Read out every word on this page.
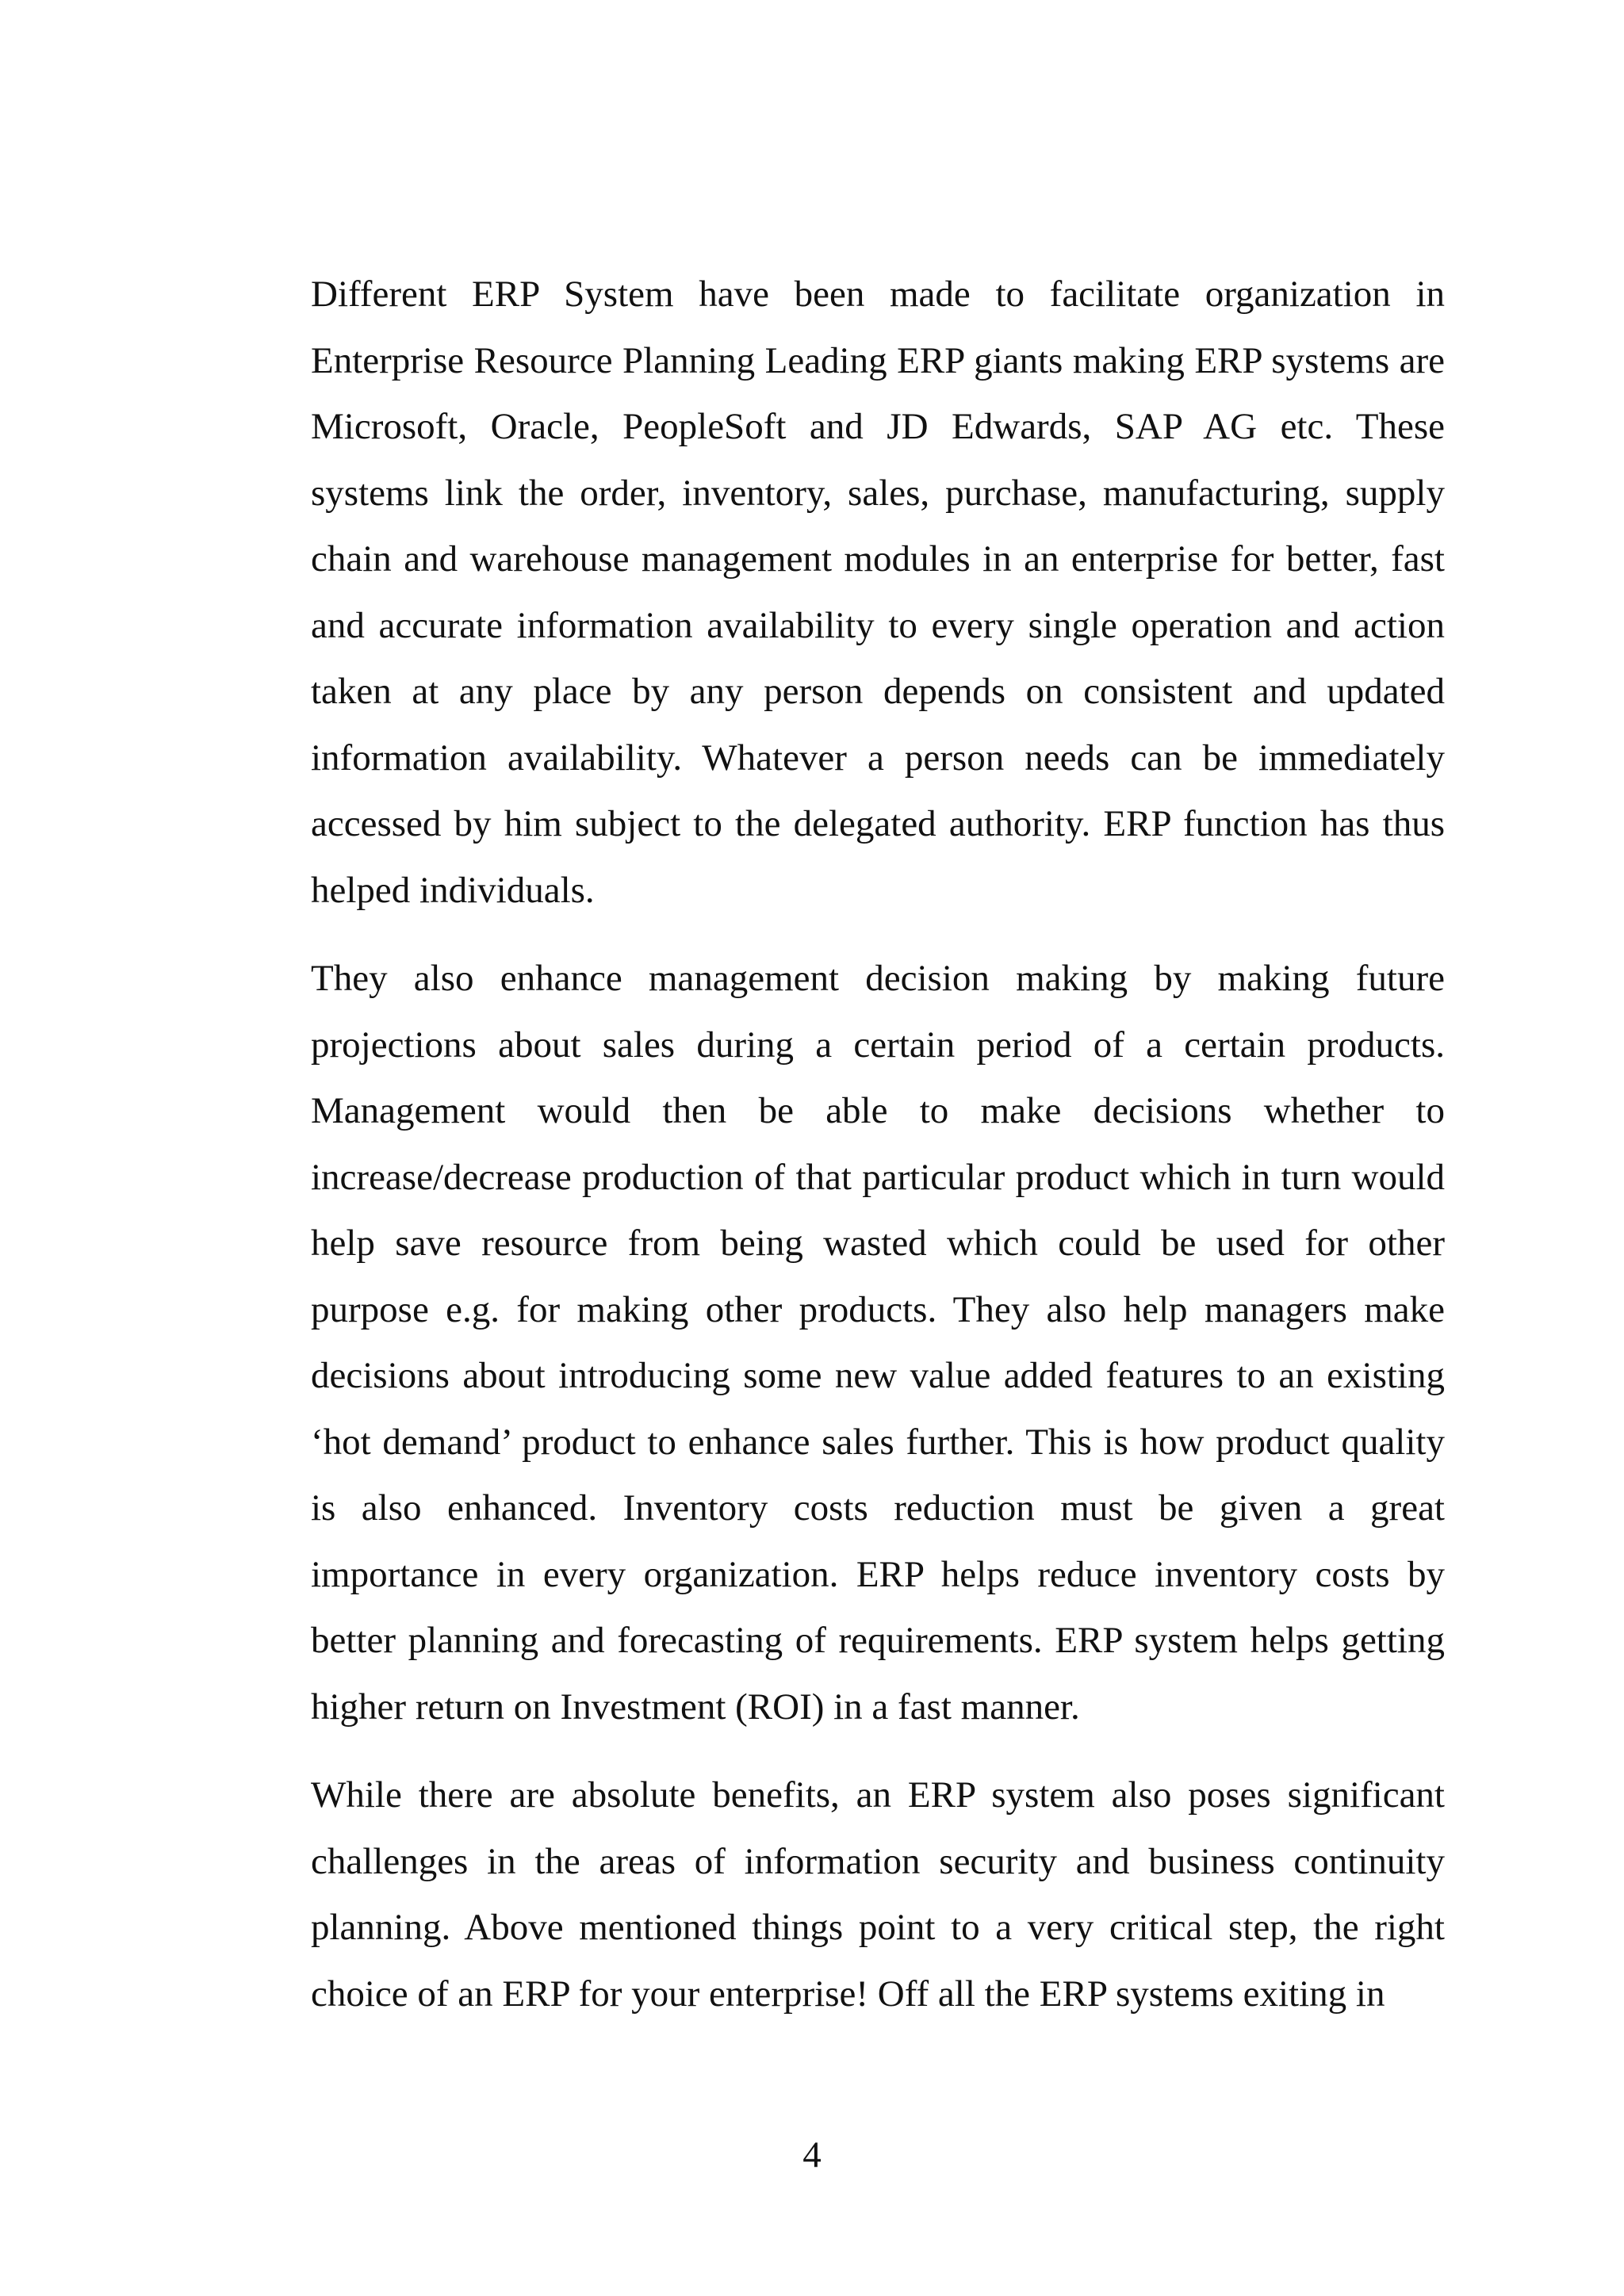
Different ERP System have been made to facilitate organization in Enterprise Resource Planning Leading ERP giants making ERP systems are Microsoft, Oracle, PeopleSoft and JD Edwards, SAP AG etc. These systems link the order, inventory, sales, purchase, manufacturing, supply chain and warehouse management modules in an enterprise for better, fast and accurate information availability to every single operation and action taken at any place by any person depends on consistent and updated information availability. Whatever a person needs can be immediately accessed by him subject to the delegated authority. ERP function has thus helped individuals.

They also enhance management decision making by making future projections about sales during a certain period of a certain products. Management would then be able to make decisions whether to increase/decrease production of that particular product which in turn would help save resource from being wasted which could be used for other purpose e.g. for making other products. They also help managers make decisions about introducing some new value added features to an existing ‘hot demand’ product to enhance sales further. This is how product quality is also enhanced. Inventory costs reduction must be given a great importance in every organization. ERP helps reduce inventory costs by better planning and forecasting of requirements. ERP system helps getting higher return on Investment (ROI) in a fast manner.

While there are absolute benefits, an ERP system also poses significant challenges in the areas of information security and business continuity planning. Above mentioned things point to a very critical step, the right choice of an ERP for your enterprise! Off all the ERP systems exiting in

4
